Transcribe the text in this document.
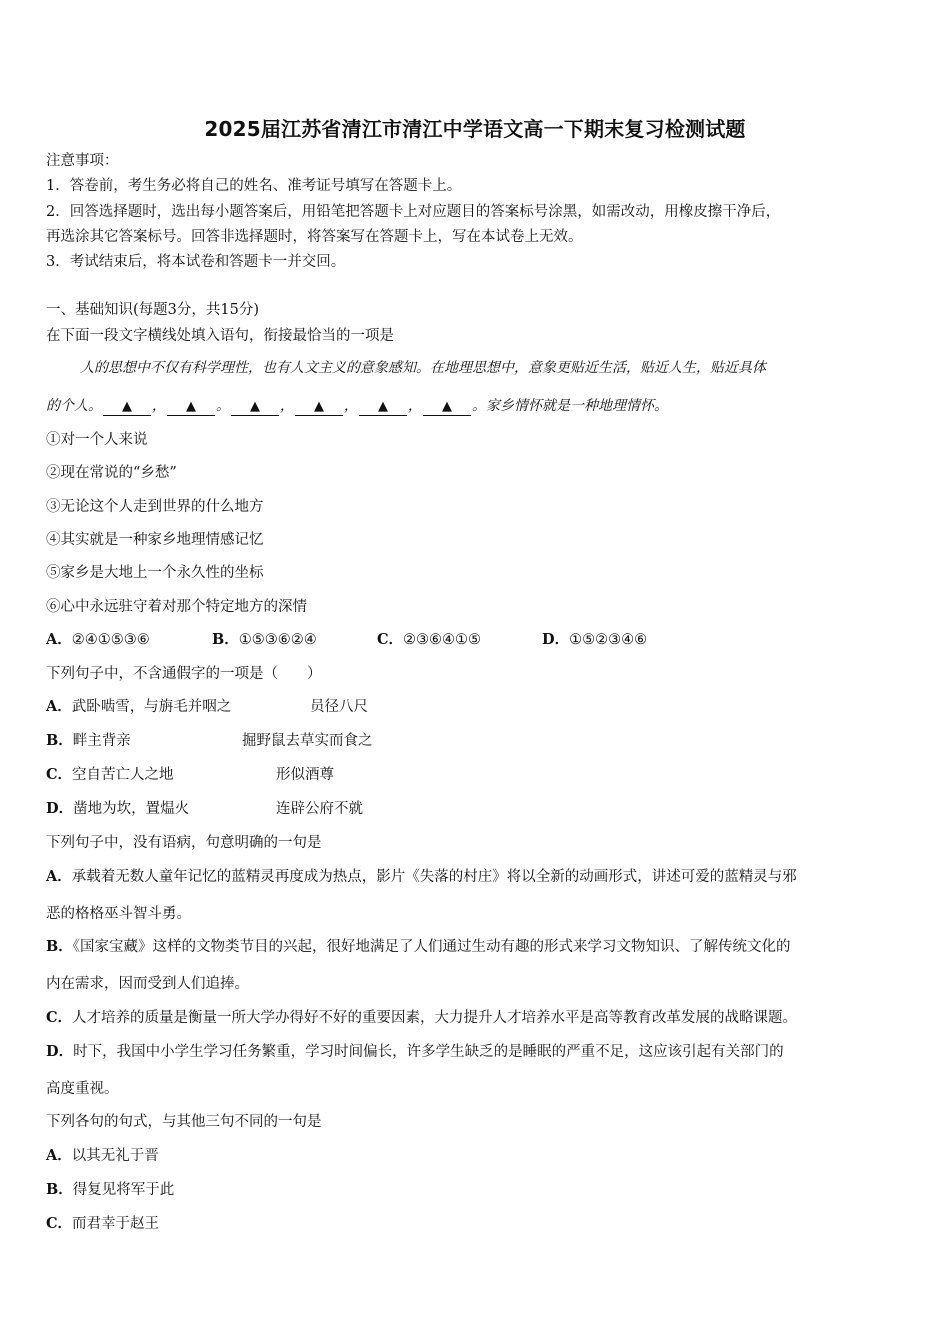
2025届江苏省清江市清江中学语文高一下期末复习检测试题
注意事项：
1．答卷前，考生务必将自己的姓名、准考证号填写在答题卡上。
2．回答选择题时，选出每小题答案后，用铅笔把答题卡上对应题目的答案标号涂黑，如需改动，用橡皮擦干净后，
再选涂其它答案标号。回答非选择题时，将答案写在答题卡上，写在本试卷上无效。
3．考试结束后，将本试卷和答题卡一并交回。
一、基础知识(每题3分，共15分)
在下面一段文字横线处填入语句，衔接最恰当的一项是
人的思想中不仅有科学理性，也有人文主义的意象感知。在地理思想中，意象更贴近生活，贴近人生，贴近具体
的个人。 ▲ ， ▲ 。 ▲ ， ▲ ， ▲ ， ▲ 。家乡情怀就是一种地理情怀。
①对一个人来说
②现在常说的“乡愁”
③无论这个人走到世界的什么地方
④其实就是一种家乡地理情感记忆
⑤家乡是大地上一个永久性的坐标
⑥心中永远驻守着对那个特定地方的深情
A．②④①⑤③⑥	B．①⑤③⑥②④	C．②③⑥④①⑤	D．①⑤②③④⑥
下列句子中，不含通假字的一项是（　　）
A．武卧啮雪，与旃毛并咽之	员径八尺
B．畔主背亲	掘野鼠去草实而食之
C．空自苦亡人之地	形似酒尊
D．凿地为坎，置煴火	连辟公府不就
下列句子中，没有语病，句意明确的一句是
A．承载着无数人童年记忆的蓝精灵再度成为热点，影片《失落的村庄》将以全新的动画形式，讲述可爱的蓝精灵与邪
恶的格格巫斗智斗勇。
B．《国家宝藏》这样的文物类节目的兴起，很好地满足了人们通过生动有趣的形式来学习文物知识、了解传统文化的
内在需求，因而受到人们追捧。
C．人才培养的质量是衡量一所大学办得好不好的重要因素，大力提升人才培养水平是高等教育改革发展的战略课题。
D．时下，我国中小学生学习任务繁重，学习时间偏长，许多学生缺乏的是睡眠的严重不足，这应该引起有关部门的
高度重视。
下列各句的句式，与其他三句不同的一句是
A．以其无礼于晋
B．得复见将军于此
C．而君幸于赵王
